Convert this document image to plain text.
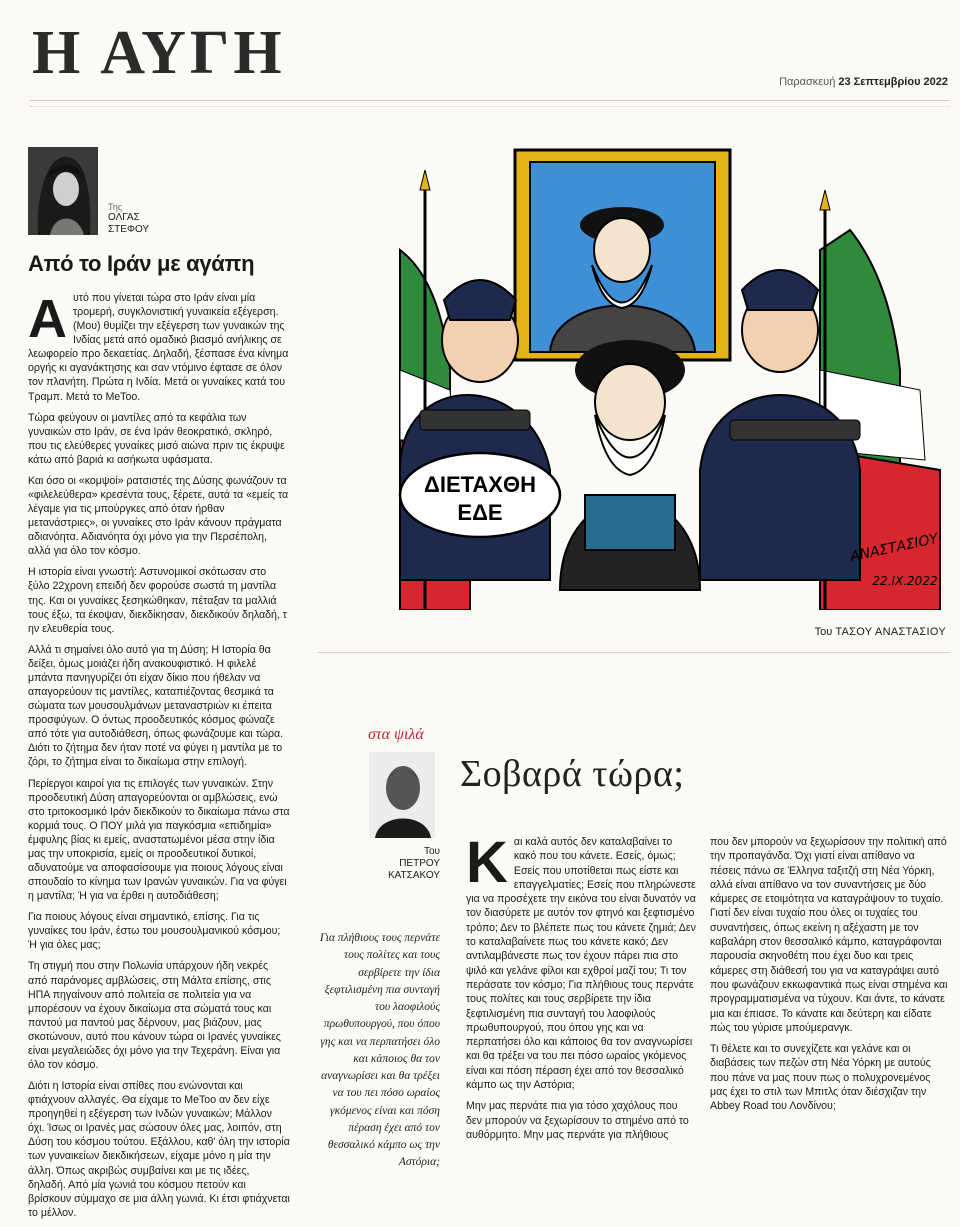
Η ΑΥΓΗ	Παρασκευή 23 Σεπτεμβρίου 2022
Της
ΟΛΓΑΣ
ΣΤΕΦΟΥ
Από το Ιράν με αγάπη

Αυτό που γίνεται τώρα στο Ιράν είναι μία τρομερή, συγκλονιστική γυναικεία εξέγερση. (Μου) θυμίζει την εξέγερση των γυναικών της Ινδίας μετά από ομαδικό βιασμό ανήλικης σε λεωφορείο προ δεκαετίας. Δηλαδή, ξέσπασε ένα κίνημα οργής κι αγανάκτησης και σαν ντόμινο έφτασε σε όλον τον πλανήτη. Πρώτα η Ινδία. Μετά οι γυναίκες κατά του Τραμπ. Μετά το MeToo.

Τώρα φεύγουν οι μαντίλες από τα κεφάλια των γυναικών στο Ιράν, σε ένα Ιράν θεοκρατικό, σκληρό, που τις ελεύθερες γυναίκες μισό αιώνα πριν τις έκρυψε κάτω από βαριά κι ασήκωτα υφάσματα.

Και όσο οι «κομψοί» ρατσιστές της Δύσης φωνάζουν τα «φιλελεύθερα» κρεσέντα τους, ξέρετε, αυτά τα «εμείς τα λέγαμε για τις μπούργκες από όταν ήρθαν μετανάστριες», οι γυναίκες στο Ιράν κάνουν πράγματα αδιανόητα. Αδιανόητα όχι μόνο για την Περσέπολη, αλλά για όλο τον κόσμο.

Η ιστορία είναι γνωστή: Αστυνομικοί σκότωσαν στο ξύλο 22χρονη επειδή δεν φορούσε σωστά τη μαντίλα της. Και οι γυναίκες ξεσηκώθηκαν, πέταξαν τα μαλλιά τους έξω, τα έκοψαν, διεκδίκησαν, διεκδικούν δηλαδή, τ ην ελευθερία τους.

Αλλά τι σημαίνει όλο αυτό για τη Δύση; Η Ιστορία θα δείξει, όμως μοιάζει ήδη ανακουφιστικό. Η φιλελέ μπάντα πανηγυρίζει ότι είχαν δίκιο που ήθελαν να απαγορεύουν τις μαντίλες, καταπιέζοντας θεσμικά τα σώματα των μουσουλμάνων μεταναστριών κι έπειτα προσφύγων. Ο όντως προοδευτικός κόσμος φώναζε από τότε για αυτοδιάθεση, όπως φωνάζουμε και τώρα. Διότι το ζήτημα δεν ήταν ποτέ να φύγει η μαντίλα με το ζόρι, το ζήτημα είναι το δικαίωμα στην επιλογή.

Περίεργοι καιροί για τις επιλογές των γυναικών. Στην προοδευτική Δύση απαγορεύονται οι αμβλώσεις, ενώ στο τριτοκοσμικό Ιράν διεκδικούν το δικαίωμα πάνω στα κορμιά τους. Ο ΠΟΥ μιλά για παγκόσμια «επιδημία» έμφυλης βίας κι εμείς, αναστατωμένοι μέσα στην ίδια μας την υποκρισία, εμείς οι προοδευτικοί δυτικοί, αδυνατούμε να αποφασίσουμε για ποιους λόγους είναι σπουδαίο το κίνημα των Ιρανών γυναικών. Για να φύγει η μαντίλα; Ή για να έρθει η αυτοδιάθεση;

Για ποιους λόγους είναι σημαντικό, επίσης. Για τις γυναίκες του Ιράν, έστω του μουσουλμανικού κόσμου; Ή για όλες μας;

Τη στιγμή που στην Πολωνία υπάρχουν ήδη νεκρές από παράνομες αμβλώσεις, στη Μάλτα επίσης, στις ΗΠΑ πηγαίνουν από πολιτεία σε πολιτεία για να μπορέσουν να έχουν δικαίωμα στα σώματά τους και παντού μα παντού μας δέρνουν, μας βιάζουν, μας σκοτώνουν, αυτό που κάνουν τώρα οι Ιρανές γυναίκες είναι μεγαλειώδες όχι μόνο για την Τεχεράνη. Είναι για όλο τον κόσμο.

Διότι η Ιστορία είναι σπίθες που ενώνονται και φτιάχνουν αλλαγές. Θα είχαμε το MeToo αν δεν είχε προηγηθεί η εξέγερση των Ινδών γυναικών; Μάλλον όχι. Ίσως οι Ιρανές μας σώσουν όλες μας, λοιπόν, στη Δύση του κόσμου τούτου. Εξάλλου, καθ' όλη την ιστορία των γυναικείων διεκδικήσεων, είχαμε μόνο η μία την άλλη. Όπως ακριβώς συμβαίνει και με τις ιδέες, δηλαδή. Από μία γωνιά του κόσμου πετούν και βρίσκουν σύμμαχο σε μια άλλη γωνιά. Κι έτσι φτιάχνεται το μέλλον.

ΔΙΕΤΑΧΘΗ
ΕΔΕ
ΑΝΑΣΤΑΣΙΟΥ
22.IX.2022
Του ΤΑΣΟΥ ΑΝΑΣΤΑΣΙΟΥ
στα ψιλά
Του
ΠΕΤΡΟΥ
ΚΑΤΣΑΚΟΥ
Σοβαρά τώρα;
Για πλήθιους τους περνάτε τους πολίτες και τους σερβίρετε την ίδια ξεφτιλισμένη πια συνταγή του λαοφιλούς πρωθυπουργού, που όπου γης και να περπατήσει όλο και κάποιος θα τον αναγνωρίσει και θα τρέξει να του πει πόσο ωραίος γκόμενος είναι και πόση πέραση έχει από τον θεσσαλικό κάμπο ως την Αστόρια;

Και καλά αυτός δεν καταλαβαίνει το κακό που του κάνετε. Εσείς, όμως; Εσείς που υποτίθεται πως είστε και επαγγελματίες; Εσείς που πληρώνεστε για να προσέχετε την εικόνα του είναι δυνατόν να τον διασύρετε με αυτόν τον φτηνό και ξεφτισμένο τρόπο; Δεν το βλέπετε πως του κάνετε ζημιά; Δεν το καταλαβαίνετε πως του κάνετε κακό; Δεν αντιλαμβάνεστε πως τον έχουν πάρει πια στο ψιλό και γελάνε φίλοι και εχθροί μαζί του; Τι τον περάσατε τον κόσμο; Για πλήθιους τους περνάτε τους πολίτες και τους σερβίρετε την ίδια ξεφτιλισμένη πια συνταγή του λαοφιλούς πρωθυπουργού, που όπου γης και να περπατήσει όλο και κάποιος θα τον αναγνωρίσει και θα τρέξει να του πει πόσο ωραίος γκόμενος είναι και πόση πέραση έχει από τον θεσσαλικό κάμπο ως την Αστόρια;

Μην μας περνάτε πια για τόσο χαχόλους που δεν μπορούν να ξεχωρίσουν το στημένο από το αυθόρμητο. Μην μας περνάτε για πλήθιους

που δεν μπορούν να ξεχωρίσουν την πολιτική από την προπαγάνδα. Όχι γιατί είναι απίθανο να πέσεις πάνω σε Έλληνα ταξιτζή στη Νέα Υόρκη, αλλά είναι απίθανο να τον συναντήσεις με δύο κάμερες σε ετοιμότητα να καταγράψουν το τυχαίο. Γιατί δεν είναι τυχαίο που όλες οι τυχαίες του συναντήσεις, όπως εκείνη η αξέχαστη με τον καβαλάρη στον θεσσαλικό κάμπο, καταγράφονται παρουσία σκηνοθέτη που έχει δυο και τρεις κάμερες στη διάθεσή του για να καταγράψει αυτό που φωνάζουν εκκωφαντικά πως είναι στημένα και προγραμματισμένα να τύχουν. Και άντε, το κάνατε μια και έπιασε. Το κάνατε και δεύτερη και είδατε πώς του γύρισε μπούμερανγκ.

Τι θέλετε και το συνεχίζετε και γελάνε και οι διαβάσεις των πεζών στη Νέα Υόρκη με αυτούς που πάνε να μας πουν πως ο πολυχρονεμένος μας έχει το στιλ των Μπιτλς όταν διέσχιζαν την Abbey Road του Λονδίνου;
